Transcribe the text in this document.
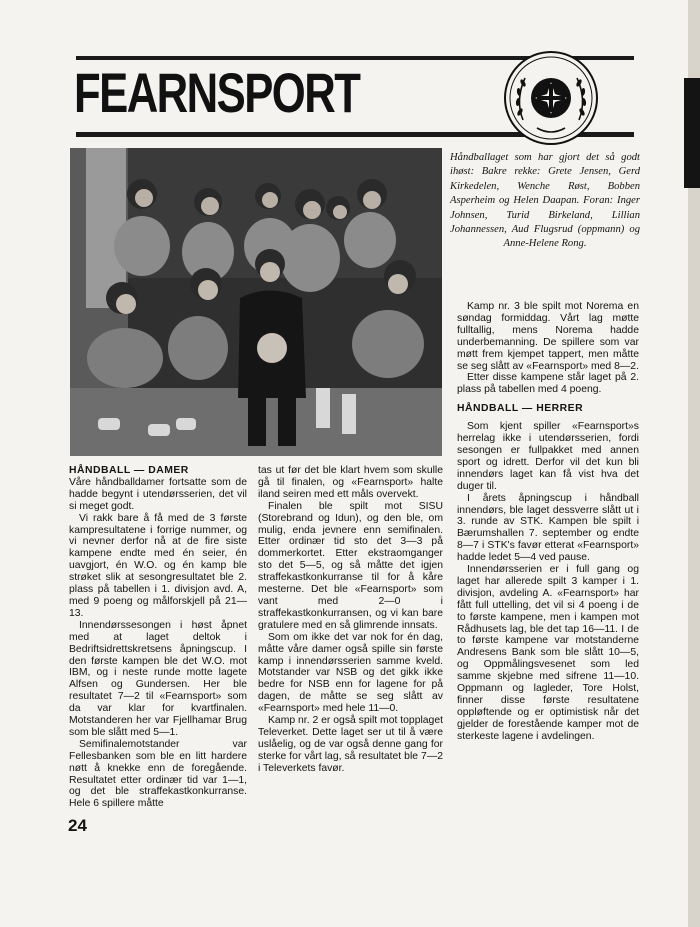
FEARNSPORT
Håndballaget som har gjort det så godt ihøst: Bakre rekke: Grete Jensen, Gerd Kirkedelen, Wenche Røst, Bobben Asperheim og Helen Daapan. Foran: Inger Johnsen, Turid Birkeland, Lillian Johannessen, Aud Flugsrud (oppmann) og Anne-Helene Rong.
HÅNDBALL — DAMER

Våre håndballdamer fortsatte som de hadde begynt i utendørsserien, det vil si meget godt.

Vi rakk bare å få med de 3 første kampresultatene i forrige nummer, og vi nevner derfor nå at de fire siste kampene endte med én seier, én uavgjort, én W.O. og én kamp ble strøket slik at sesongresultatet ble 2. plass på tabellen i 1. divisjon avd. A, med 9 poeng og målforskjell på 21—13.

Innendørssesongen i høst åpnet med at laget deltok i Bedriftsidrettskretsens åpningscup. I den første kampen ble det W.O. mot IBM, og i neste runde motte lagete Alfsen og Gundersen. Her ble resultatet 7—2 til «Fearnsport» som da var klar for kvartfinalen. Motstanderen her var Fjellhamar Brug som ble slått med 5—1.

Semifinalemotstander var Fellesbanken som ble en litt hardere nøtt å knekke enn de foregående. Resultatet etter ordinær tid var 1—1, og det ble straffekastkonkurranse. Hele 6 spillere måtte

tas ut før det ble klart hvem som skulle gå til finalen, og «Fearnsport» halte iland seiren med ett måls overvekt.

Finalen ble spilt mot SISU (Storebrand og Idun), og den ble, om mulig, enda jevnere enn semifinalen. Etter ordinær tid sto det 3—3 på dommerkortet. Etter ekstraomganger sto det 5—5, og så måtte det igjen straffekastkonkurranse til for å kåre mesterne. Det ble «Fearnsport» som vant med 2—0 i straffekastkonkurransen, og vi kan bare gratulere med en så glimrende innsats.

Som om ikke det var nok for én dag, måtte våre damer også spille sin første kamp i innendørsserien samme kveld. Motstander var NSB og det gikk ikke bedre for NSB enn for lagene for på dagen, de måtte se seg slått av «Fearnsport» med hele 11—0.

Kamp nr. 2 er også spilt mot topplaget Televerket. Dette laget ser ut til å være uslåelig, og de var også denne gang for sterke for vårt lag, så resultatet ble 7—2 i Televerkets favør.

Kamp nr. 3 ble spilt mot Norema en søndag formiddag. Vårt lag møtte fulltallig, mens Norema hadde underbemanning. De spillere som var møtt frem kjempet tappert, men måtte se seg slått av «Fearnsport» med 8—2.

Etter disse kampene står laget på 2. plass på tabellen med 4 poeng.

HÅNDBALL — HERRER

Som kjent spiller «Fearnsport»s herrelag ikke i utendørsserien, fordi sesongen er fullpakket med annen sport og idrett. Derfor vil det kun bli innendørs laget kan få vist hva det duger til.

I årets åpningscup i håndball innendørs, ble laget dessverre slått ut i 3. runde av STK. Kampen ble spilt i Bærumshallen 7. september og endte 8—7 i STK's favør etterat «Fearnsport» hadde ledet 5—4 ved pause.

Innendørsserien er i full gang og laget har allerede spilt 3 kamper i 1. divisjon, avdeling A. «Fearnsport» har fått full uttelling, det vil si 4 poeng i de to første kampene, men i kampen mot Rådhusets lag, ble det tap 16—11. I de to første kampene var motstanderne Andresens Bank som ble slått 10—5, og Oppmålingsvesenet som led samme skjebne med sifrene 11—10. Oppmann og lagleder, Tore Holst, finner disse første resultatene oppløftende og er optimistisk når det gjelder de forestående kamper mot de sterkeste lagene i avdelingen.

24
